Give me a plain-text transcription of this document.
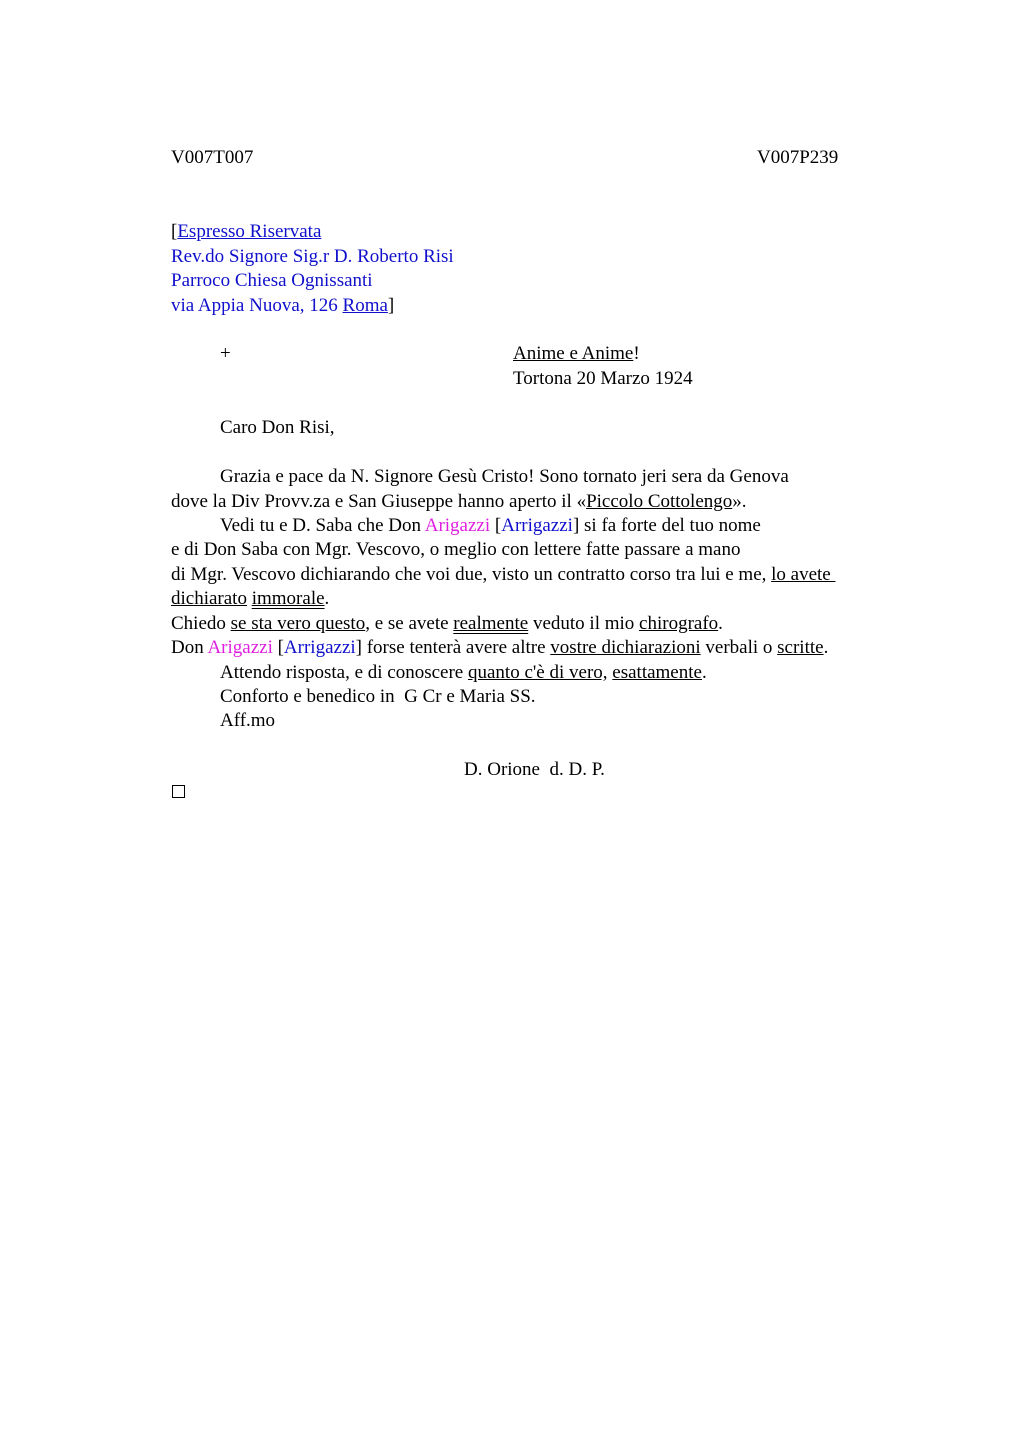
V007T007	V007P239
[Espresso Riservata
Rev.do Signore Sig.r D. Roberto Risi
Parroco Chiesa Ognissanti
via Appia Nuova, 126 Roma]
+	Anime e Anime!
Tortona 20 Marzo 1924
Caro Don Risi,
Grazia e pace da N. Signore Gesù Cristo! Sono tornato jeri sera da Genova
dove la Div Provv.za e San Giuseppe hanno aperto il «Piccolo Cottolengo».
Vedi tu e D. Saba che Don Arigazzi [Arrigazzi] si fa forte del tuo nome
e di Don Saba con Mgr. Vescovo, o meglio con lettere fatte passare a mano
di Mgr. Vescovo dichiarando che voi due, visto un contratto corso tra lui e me, lo avete
dichiarato immorale.
Chiedo se sta vero questo, e se avete realmente veduto il mio chirografo.
Don Arigazzi [Arrigazzi] forse tenterà avere altre vostre dichiarazioni verbali o scritte.
Attendo risposta, e di conoscere quanto c'è di vero, esattamente.
Conforto e benedico in  G Cr e Maria SS.
Aff.mo
D. Orione  d. D. P.
